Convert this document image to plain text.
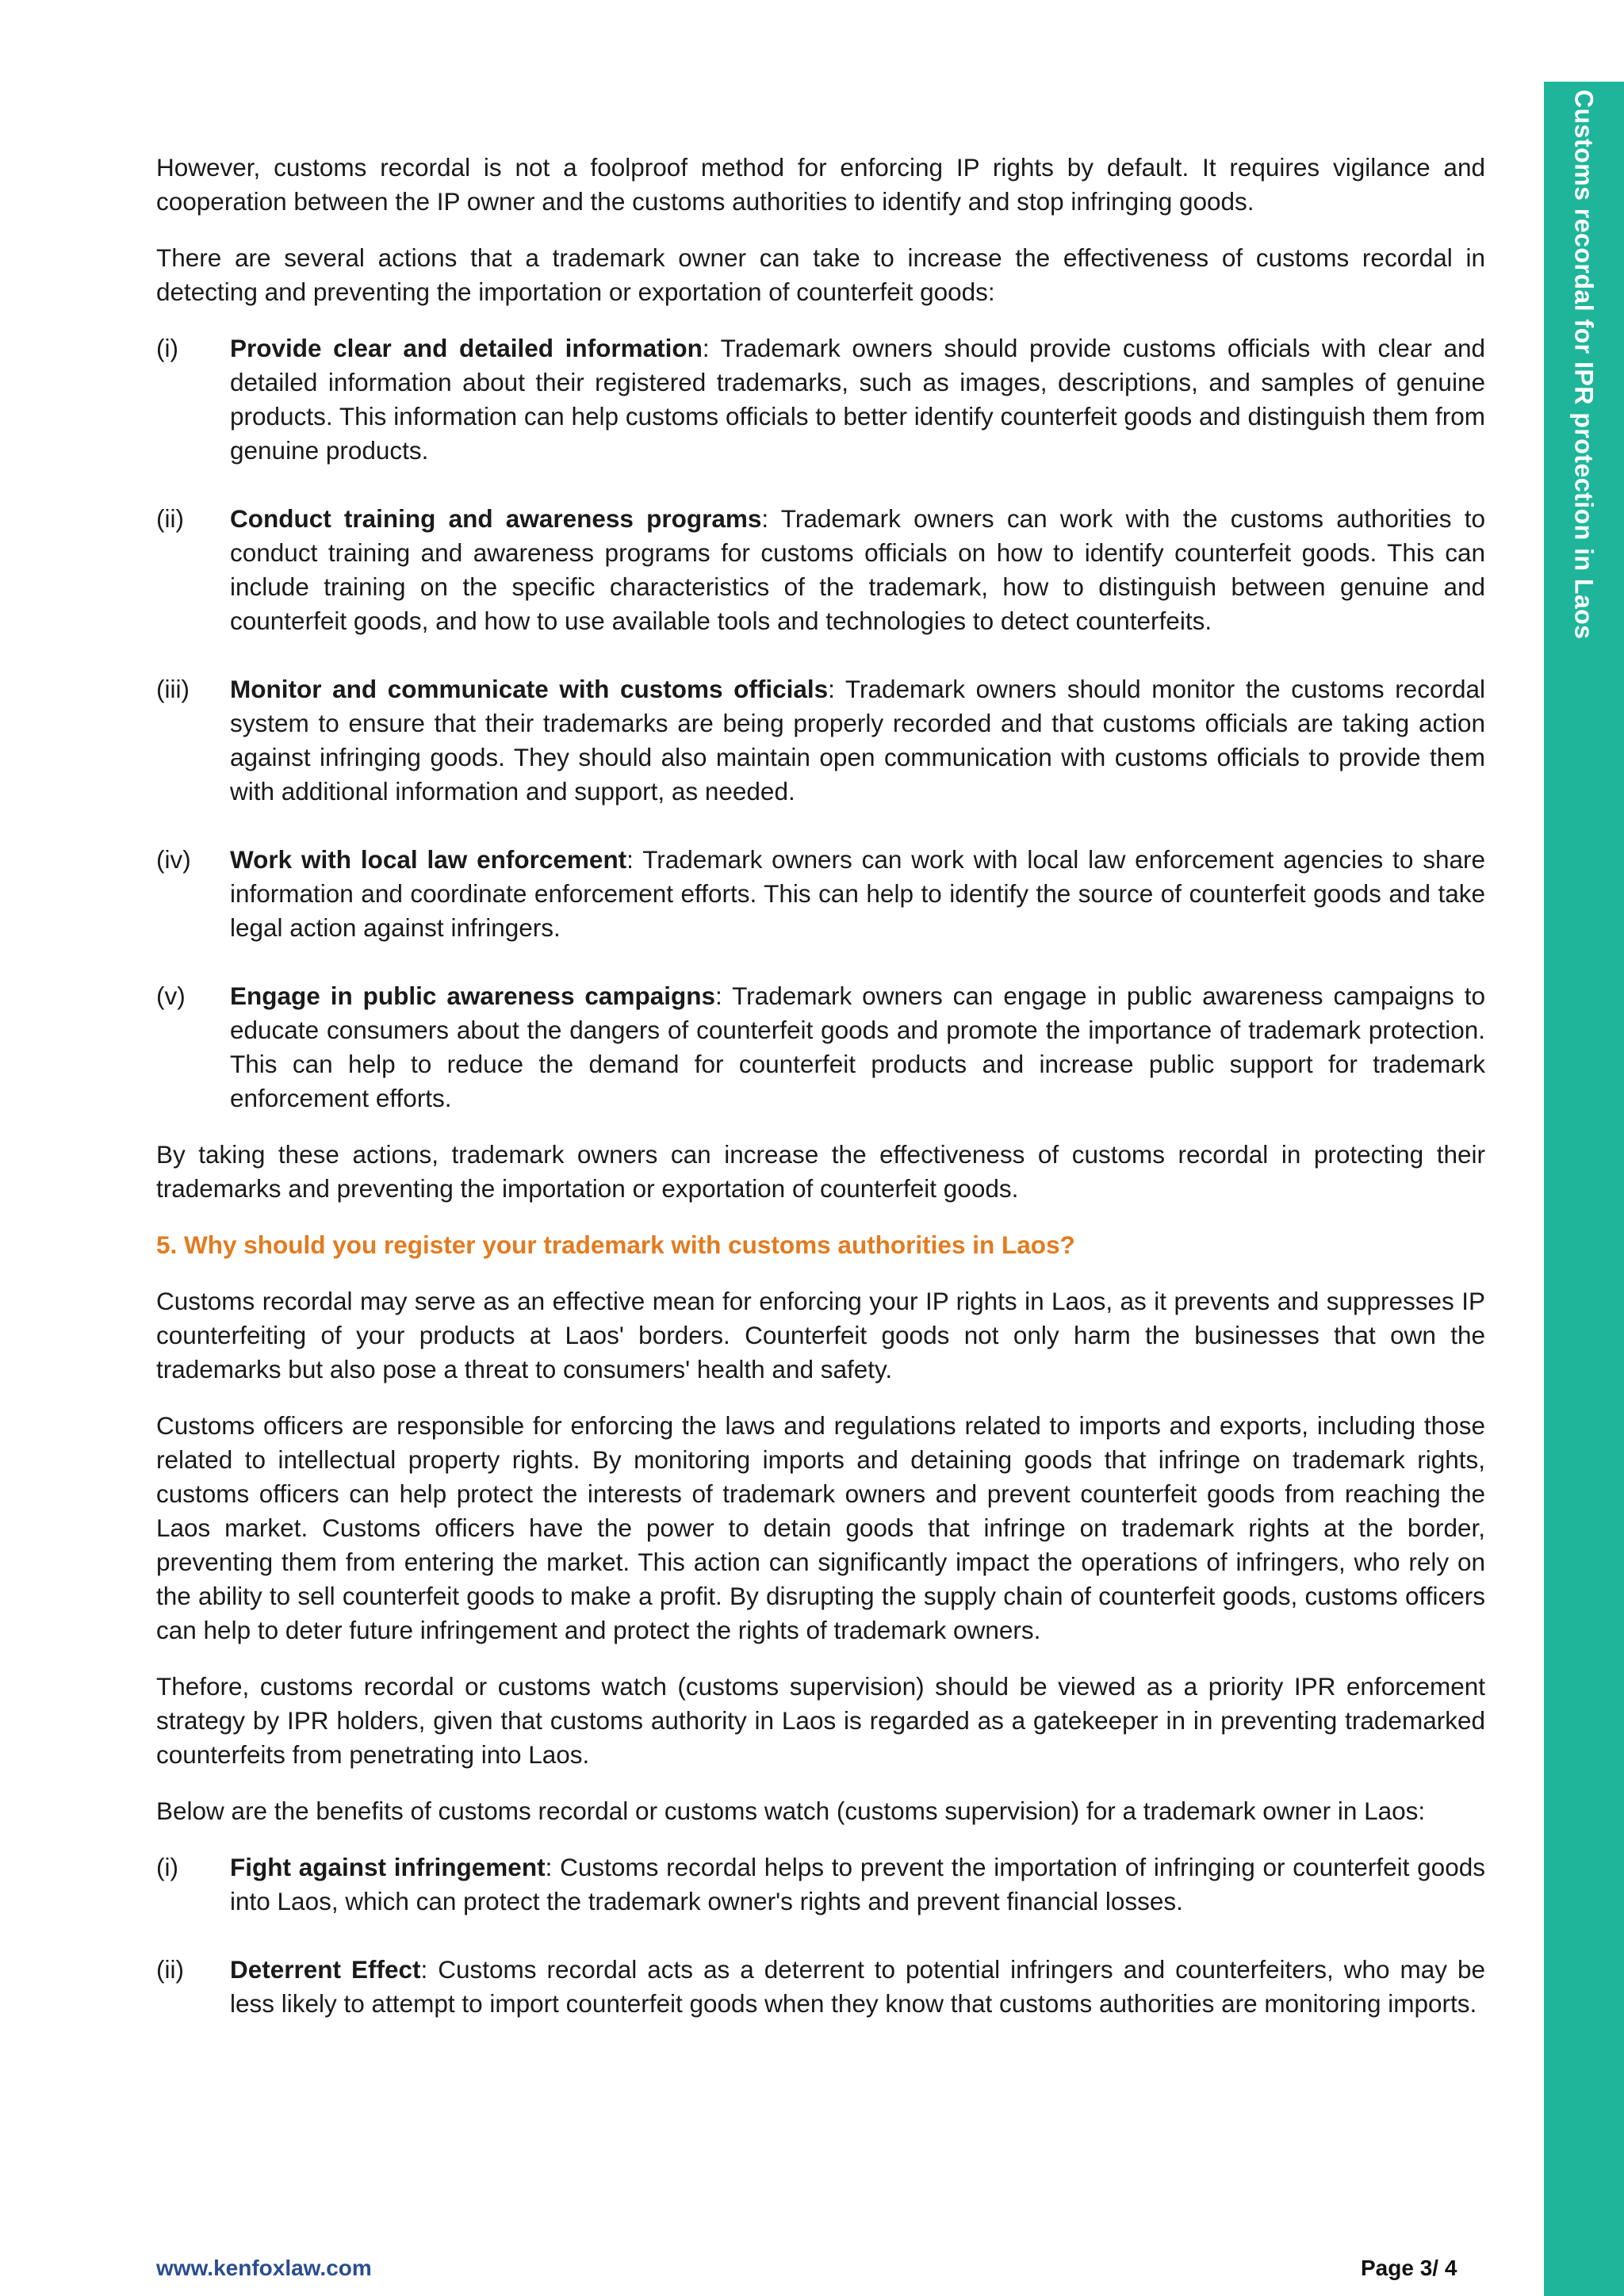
Customs recordal for IPR protection in Laos

However, customs recordal is not a foolproof method for enforcing IP rights by default. It requires vigilance and cooperation between the IP owner and the customs authorities to identify and stop infringing goods.

There are several actions that a trademark owner can take to increase the effectiveness of customs recordal in detecting and preventing the importation or exportation of counterfeit goods:

(i)	Provide clear and detailed information: Trademark owners should provide customs officials with clear and detailed information about their registered trademarks, such as images, descriptions, and samples of genuine products. This information can help customs officials to better identify counterfeit goods and distinguish them from genuine products.
(ii)	Conduct training and awareness programs: Trademark owners can work with the customs authorities to conduct training and awareness programs for customs officials on how to identify counterfeit goods. This can include training on the specific characteristics of the trademark, how to distinguish between genuine and counterfeit goods, and how to use available tools and technologies to detect counterfeits.
(iii)	Monitor and communicate with customs officials: Trademark owners should monitor the customs recordal system to ensure that their trademarks are being properly recorded and that customs officials are taking action against infringing goods. They should also maintain open communication with customs officials to provide them with additional information and support, as needed.
(iv)	Work with local law enforcement: Trademark owners can work with local law enforcement agencies to share information and coordinate enforcement efforts. This can help to identify the source of counterfeit goods and take legal action against infringers.
(v)	Engage in public awareness campaigns: Trademark owners can engage in public awareness campaigns to educate consumers about the dangers of counterfeit goods and promote the importance of trademark protection. This can help to reduce the demand for counterfeit products and increase public support for trademark enforcement efforts.

By taking these actions, trademark owners can increase the effectiveness of customs recordal in protecting their trademarks and preventing the importation or exportation of counterfeit goods.

5. Why should you register your trademark with customs authorities in Laos?

Customs recordal may serve as an effective mean for enforcing your IP rights in Laos, as it prevents and suppresses IP counterfeiting of your products at Laos' borders. Counterfeit goods not only harm the businesses that own the trademarks but also pose a threat to consumers' health and safety.

Customs officers are responsible for enforcing the laws and regulations related to imports and exports, including those related to intellectual property rights. By monitoring imports and detaining goods that infringe on trademark rights, customs officers can help protect the interests of trademark owners and prevent counterfeit goods from reaching the Laos market. Customs officers have the power to detain goods that infringe on trademark rights at the border, preventing them from entering the market. This action can significantly impact the operations of infringers, who rely on the ability to sell counterfeit goods to make a profit. By disrupting the supply chain of counterfeit goods, customs officers can help to deter future infringement and protect the rights of trademark owners.

Thefore, customs recordal or customs watch (customs supervision) should be viewed as a priority IPR enforcement strategy by IPR holders, given that customs authority in Laos is regarded as a gatekeeper in in preventing trademarked counterfeits from penetrating into Laos.

Below are the benefits of customs recordal or customs watch (customs supervision) for a trademark owner in Laos:

(i)	Fight against infringement: Customs recordal helps to prevent the importation of infringing or counterfeit goods into Laos, which can protect the trademark owner's rights and prevent financial losses.
(ii)	Deterrent Effect: Customs recordal acts as a deterrent to potential infringers and counterfeiters, who may be less likely to attempt to import counterfeit goods when they know that customs authorities are monitoring imports.
www.kenfoxlaw.com	Page 3/ 4
